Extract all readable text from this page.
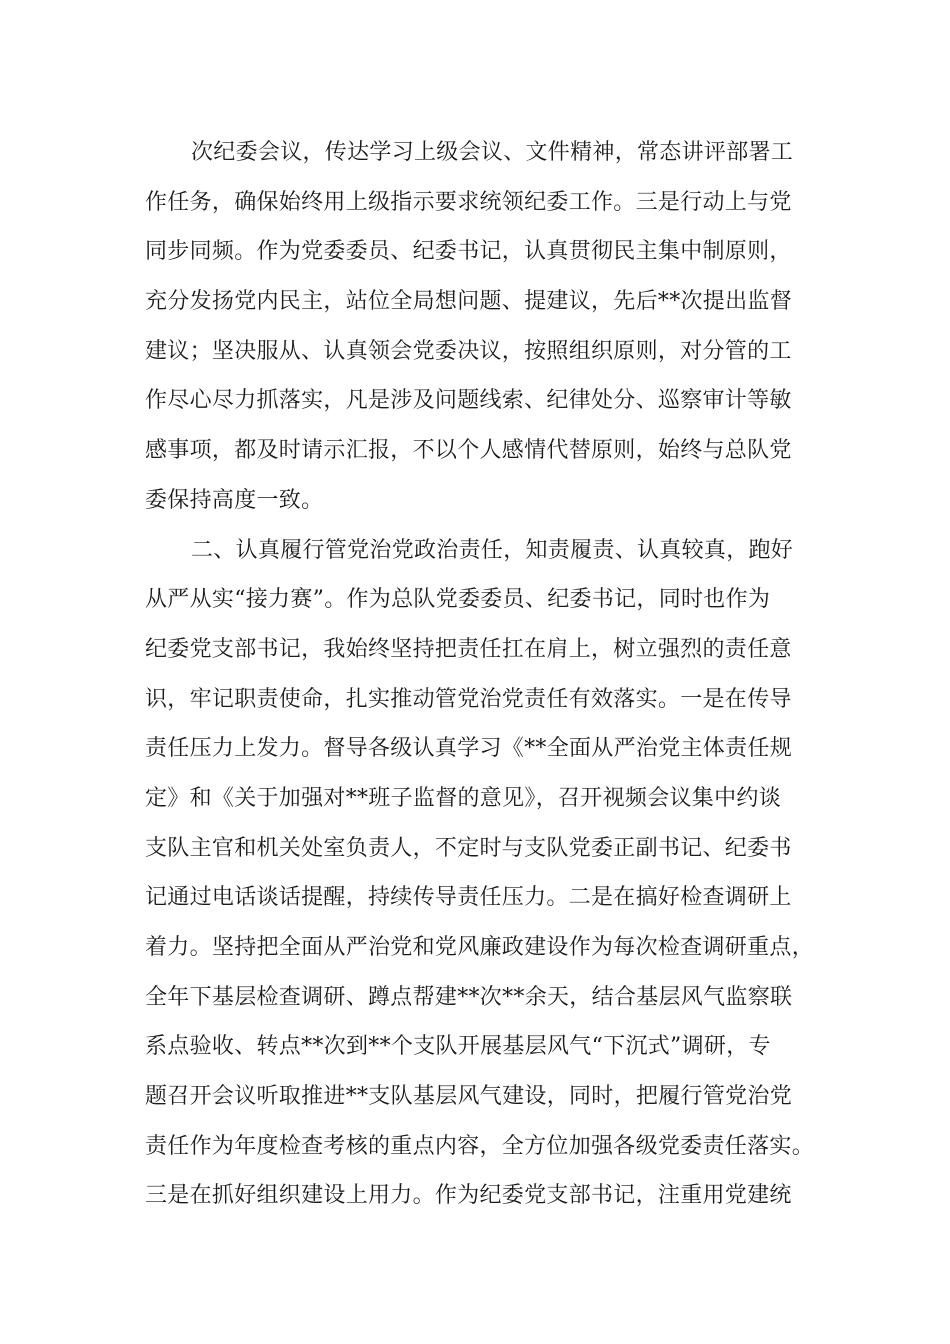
次纪委会议，传达学习上级会议、文件精神，常态讲评部署工
作任务，确保始终用上级指示要求统领纪委工作。三是行动上与党
同步同频。作为党委委员、纪委书记，认真贯彻民主集中制原则，
充分发扬党内民主，站位全局想问题、提建议，先后**次提出监督
建议；坚决服从、认真领会党委决议，按照组织原则，对分管的工
作尽心尽力抓落实，凡是涉及问题线索、纪律处分、巡察审计等敏
感事项，都及时请示汇报，不以个人感情代替原则，始终与总队党
委保持高度一致。
二、认真履行管党治党政治责任，知责履责、认真较真，跑好
从严从实“接力赛”。作为总队党委委员、纪委书记，同时也作为
纪委党支部书记，我始终坚持把责任扛在肩上，树立强烈的责任意
识，牢记职责使命，扎实推动管党治党责任有效落实。一是在传导
责任压力上发力。督导各级认真学习《**全面从严治党主体责任规
定》和《关于加强对**班子监督的意见》，召开视频会议集中约谈
支队主官和机关处室负责人，不定时与支队党委正副书记、纪委书
记通过电话谈话提醒，持续传导责任压力。二是在搞好检查调研上
着力。坚持把全面从严治党和党风廉政建设作为每次检查调研重点，
全年下基层检查调研、蹲点帮建**次**余天，结合基层风气监察联
系点验收、转点**次到**个支队开展基层风气“下沉式”调研，专
题召开会议听取推进**支队基层风气建设，同时，把履行管党治党
责任作为年度检查考核的重点内容，全方位加强各级党委责任落实。
三是在抓好组织建设上用力。作为纪委党支部书记，注重用党建统
